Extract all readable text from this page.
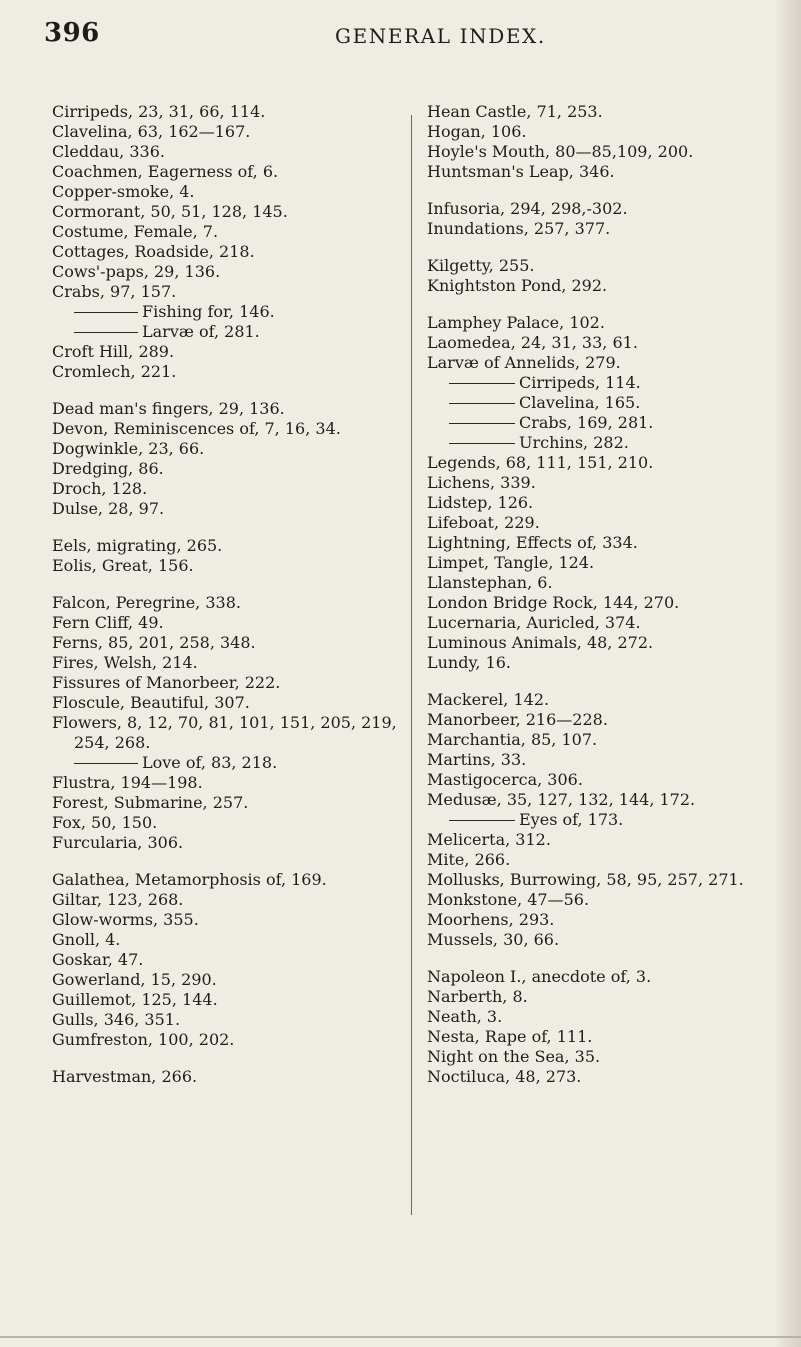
396	GENERAL INDEX.
Cirripeds, 23, 31, 66, 114.
Clavelina, 63, 162—167.
Cleddau, 336.
Coachmen, Eagerness of, 6.
Copper-smoke, 4.
Cormorant, 50, 51, 128, 145.
Costume, Female, 7.
Cottages, Roadside, 218.
Cows'-paps, 29, 136.
Crabs, 97, 157.
Fishing for, 146.
Larvæ of, 281.
Croft Hill, 289.
Cromlech, 221.
Dead man's fingers, 29, 136.
Devon, Reminiscences of, 7, 16, 34.
Dogwinkle, 23, 66.
Dredging, 86.
Droch, 128.
Dulse, 28, 97.
Eels, migrating, 265.
Eolis, Great, 156.
Falcon, Peregrine, 338.
Fern Cliff, 49.
Ferns, 85, 201, 258, 348.
Fires, Welsh, 214.
Fissures of Manorbeer, 222.
Floscule, Beautiful, 307.
Flowers, 8, 12, 70, 81, 101, 151, 205, 219, 254, 268.
Love of, 83, 218.
Flustra, 194—198.
Forest, Submarine, 257.
Fox, 50, 150.
Furcularia, 306.
Galathea, Metamorphosis of, 169.
Giltar, 123, 268.
Glow-worms, 355.
Gnoll, 4.
Goskar, 47.
Gowerland, 15, 290.
Guillemot, 125, 144.
Gulls, 346, 351.
Gumfreston, 100, 202.
Harvestman, 266.
Hean Castle, 71, 253.
Hogan, 106.
Hoyle's Mouth, 80—85,109, 200.
Huntsman's Leap, 346.
Infusoria, 294, 298,-302.
Inundations, 257, 377.
Kilgetty, 255.
Knightston Pond, 292.
Lamphey Palace, 102.
Laomedea, 24, 31, 33, 61.
Larvæ of Annelids, 279.
Cirripeds, 114.
Clavelina, 165.
Crabs, 169, 281.
Urchins, 282.
Legends, 68, 111, 151, 210.
Lichens, 339.
Lidstep, 126.
Lifeboat, 229.
Lightning, Effects of, 334.
Limpet, Tangle, 124.
Llanstephan, 6.
London Bridge Rock, 144, 270.
Lucernaria, Auricled, 374.
Luminous Animals, 48, 272.
Lundy, 16.
Mackerel, 142.
Manorbeer, 216—228.
Marchantia, 85, 107.
Martins, 33.
Mastigocerca, 306.
Medusæ, 35, 127, 132, 144, 172.
Eyes of, 173.
Melicerta, 312.
Mite, 266.
Mollusks, Burrowing, 58, 95, 257, 271.
Monkstone, 47—56.
Moorhens, 293.
Mussels, 30, 66.
Napoleon I., anecdote of, 3.
Narberth, 8.
Neath, 3.
Nesta, Rape of, 111.
Night on the Sea, 35.
Noctiluca, 48, 273.
